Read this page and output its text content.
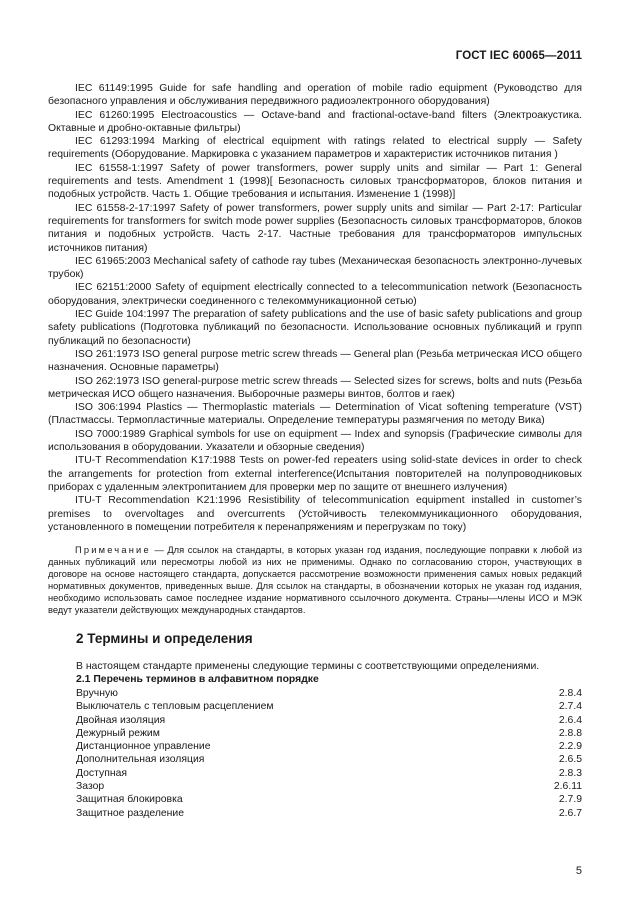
ГОСТ IEC 60065—2011

IEC 61149:1995 Guide for safe handling and operation of mobile radio equipment (Руководство для безопасного управления и обслуживания передвижного радиоэлектронного оборудования)

IEC 61260:1995 Electroacoustics — Octave-band and fractional-octave-band filters (Электроакустика. Октавные и дробно-октавные фильтры)

IEC 61293:1994 Marking of electrical equipment with ratings related to electrical supply — Safety requirements (Оборудование. Маркировка с указанием параметров и характеристик источников питания )

IEC 61558-1:1997 Safety of power transformers, power supply units and similar — Part 1: General requirements and tests. Amendment 1 (1998)[ Безопасность силовых трансформаторов, блоков питания и подобных устройств. Часть 1. Общие требования и испытания. Изменение 1 (1998)]

IEC 61558-2-17:1997 Safety of power transformers, power supply units and similar — Part 2-17: Particular requirements for transformers for switch mode power supplies (Безопасность силовых трансформаторов, блоков питания и подобных устройств. Часть 2-17. Частные требования для трансформаторов импульсных источников питания)

IEC 61965:2003 Mechanical safety of cathode ray tubes (Механическая безопасность электронно-лучевых трубок)

IEC 62151:2000 Safety of equipment electrically connected to a telecommunication network (Безопасность оборудования, электрически соединенного с телекоммуникационной сетью)

IEC Guide 104:1997 The preparation of safety publications and the use of basic safety publications and group safety publications (Подготовка публикаций по безопасности. Использование основных публикаций и групп публикаций по безопасности)

ISO 261:1973 ISO general purpose metric screw threads — General plan (Резьба метрическая ИСО общего назначения. Основные параметры)

ISO 262:1973 ISO general-purpose metric screw threads — Selected sizes for screws, bolts and nuts (Резьба метрическая ИСО общего назначения. Выборочные размеры винтов, болтов и гаек)

ISO 306:1994 Plastics — Thermoplastic materials — Determination of Vicat softening temperature (VST) (Пластмассы. Термопластичные материалы. Определение температуры размягчения по методу Вика)

ISO 7000:1989 Graphical symbols for use on equipment — Index and synopsis (Графические символы для использования в оборудовании. Указатели и обзорные сведения)

ITU-T Recommendation K17:1988 Tests on power-fed repeaters using solid-state devices in order to check the arrangements for protection from external interference(Испытания повторителей на полупроводниковых приборах с удаленным электропитанием для проверки мер по защите от внешнего излучения)

ITU-T Recommendation K21:1996 Resistibility of telecommunication equipment installed in customer’s premises to overvoltages and overcurrents (Устойчивость телекоммуникационного оборудования, установленного в помещении потребителя к перенапряжениям и перегрузкам по току)

Примечание — Для ссылок на стандарты, в которых указан год издания, последующие поправки к любой из данных публикаций или пересмотры любой из них не применимы. Однако по согласованию сторон, участвующих в договоре на основе настоящего стандарта, допускается рассмотрение возможности применения самых новых редакций нормативных документов, приведенных выше. Для ссылок на стандарты, в обозначении которых не указан год издания, необходимо использовать самое последнее издание нормативного ссылочного документа. Страны—члены ИСО и МЭК ведут указатели действующих международных стандартов.

2 Термины и определения

В настоящем стандарте применены следующие термины с соответствующими определениями.

2.1 Перечень терминов в алфавитном порядке

Вручную	2.8.4
Выключатель с тепловым расцеплением	2.7.4
Двойная изоляция	2.6.4
Дежурный режим	2.8.8
Дистанционное управление	2.2.9
Дополнительная изоляция	2.6.5
Доступная	2.8.3
Зазор	2.6.11
Защитная блокировка	2.7.9
Защитное разделение	2.6.7
5
